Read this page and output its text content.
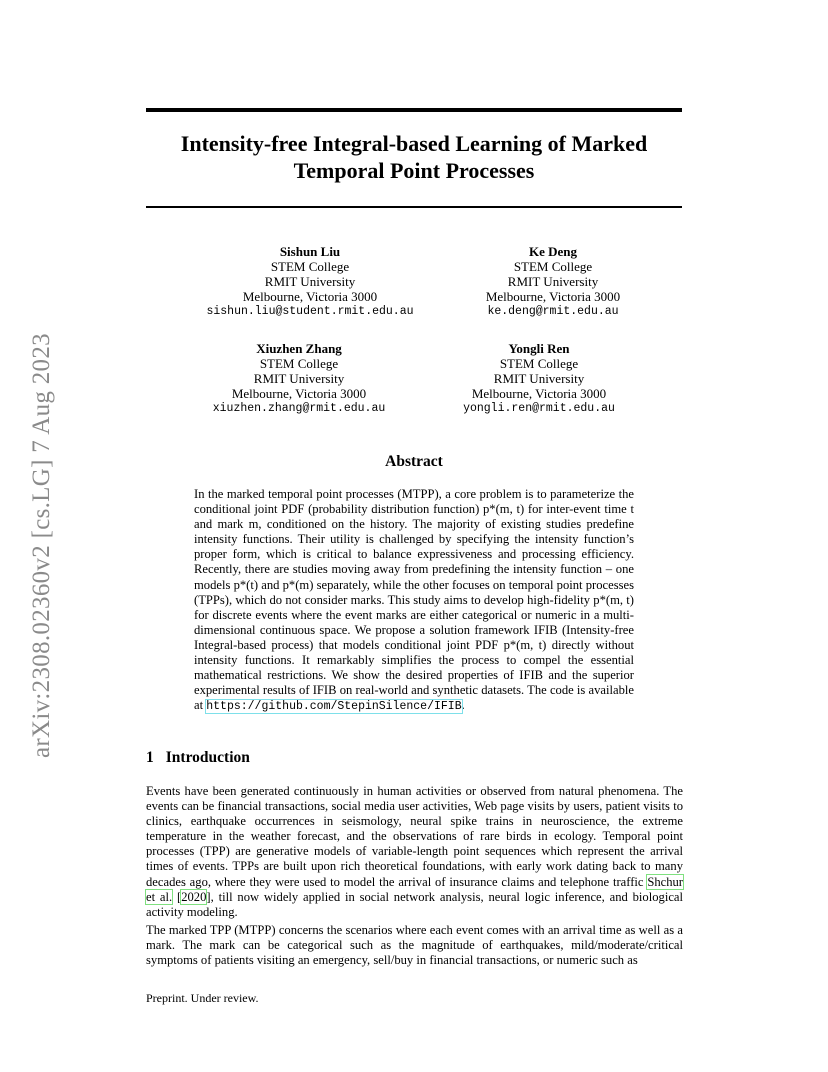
arXiv:2308.02360v2 [cs.LG] 7 Aug 2023
Intensity-free Integral-based Learning of Marked
Temporal Point Processes
Sishun Liu
STEM College
RMIT University
Melbourne, Victoria 3000
sishun.liu@student.rmit.edu.au
Ke Deng
STEM College
RMIT University
Melbourne, Victoria 3000
ke.deng@rmit.edu.au
Xiuzhen Zhang
STEM College
RMIT University
Melbourne, Victoria 3000
xiuzhen.zhang@rmit.edu.au
Yongli Ren
STEM College
RMIT University
Melbourne, Victoria 3000
yongli.ren@rmit.edu.au
Abstract
In the marked temporal point processes (MTPP), a core problem is to parameterize the conditional joint PDF (probability distribution function) p*(m, t) for inter-event time t and mark m, conditioned on the history. The majority of existing studies predefine intensity functions. Their utility is challenged by specifying the intensity function’s proper form, which is critical to balance expressiveness and processing efficiency. Recently, there are studies moving away from predefining the intensity function – one models p*(t) and p*(m) separately, while the other focuses on temporal point processes (TPPs), which do not consider marks. This study aims to develop high-fidelity p*(m, t) for discrete events where the event marks are either categorical or numeric in a multi-dimensional continuous space. We propose a solution framework IFIB (Intensity-free Integral-based process) that models conditional joint PDF p*(m, t) directly without intensity functions. It remarkably simplifies the process to compel the essential mathematical restrictions. We show the desired properties of IFIB and the superior experimental results of IFIB on real-world and synthetic datasets. The code is available at https://github.com/StepinSilence/IFIB.
1 Introduction

Events have been generated continuously in human activities or observed from natural phenomena. The events can be financial transactions, social media user activities, Web page visits by users, patient visits to clinics, earthquake occurrences in seismology, neural spike trains in neuroscience, the extreme temperature in the weather forecast, and the observations of rare birds in ecology. Temporal point processes (TPP) are generative models of variable-length point sequences which represent the arrival times of events. TPPs are built upon rich theoretical foundations, with early work dating back to many decades ago, where they were used to model the arrival of insurance claims and telephone traffic Shchur et al. [2020], till now widely applied in social network analysis, neural logic inference, and biological activity modeling.

The marked TPP (MTPP) concerns the scenarios where each event comes with an arrival time as well as a mark. The mark can be categorical such as the magnitude of earthquakes, mild/moderate/critical symptoms of patients visiting an emergency, sell/buy in financial transactions, or numeric such as

Preprint. Under review.
